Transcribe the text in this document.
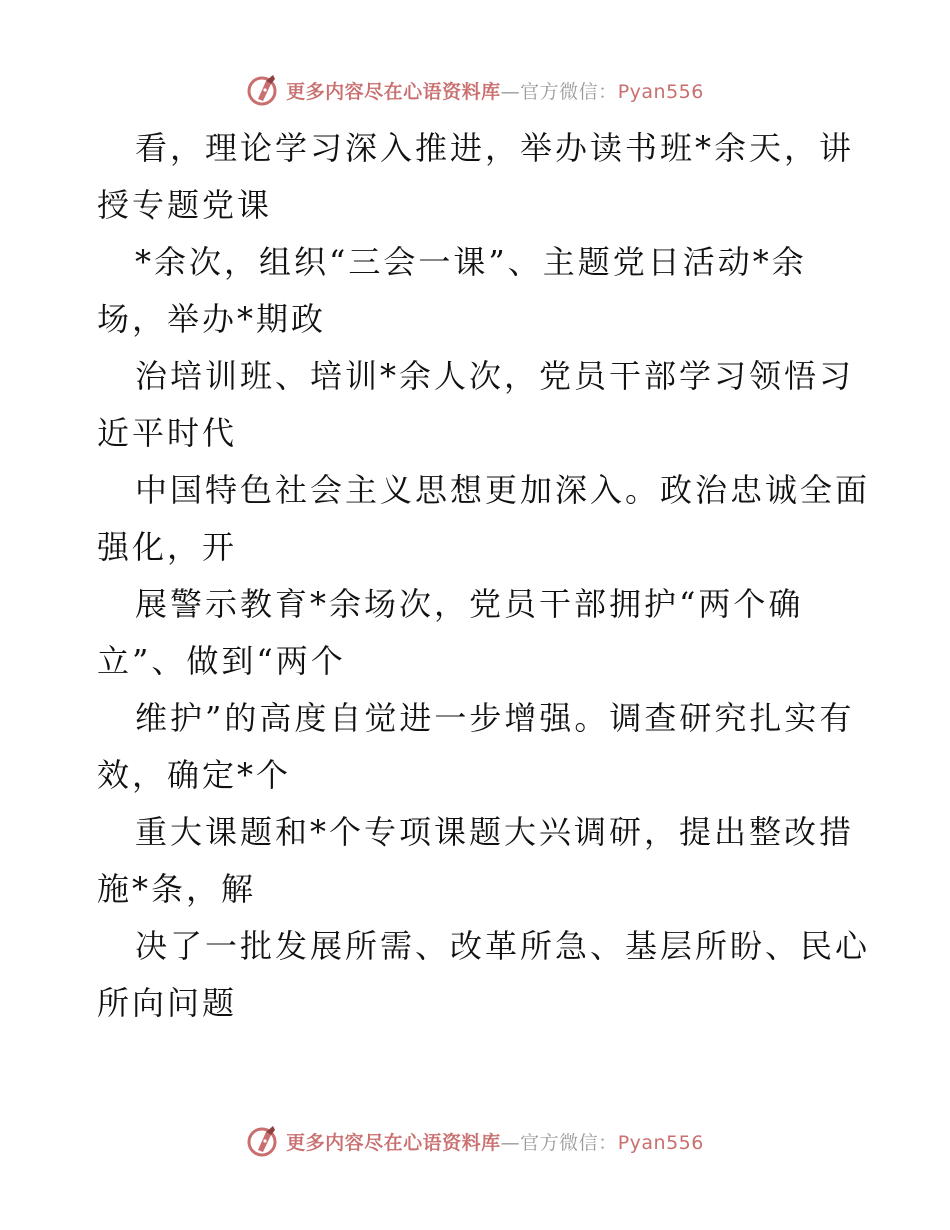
更多内容尽在心语资料库—官方微信：Pyan556
看，理论学习深入推进，举办读书班*余天，讲
授专题党课
*余次，组织“三会一课”、主题党日活动*余
场，举办*期政
治培训班、培训*余人次，党员干部学习领悟习
近平时代
中国特色社会主义思想更加深入。政治忠诚全面
强化，开
展警示教育*余场次，党员干部拥护“两个确
立”、做到“两个
维护”的高度自觉进一步增强。调查研究扎实有
效，确定*个
重大课题和*个专项课题大兴调研，提出整改措
施*条，解
决了一批发展所需、改革所急、基层所盼、民心
所向问题
更多内容尽在心语资料库—官方微信：Pyan556
